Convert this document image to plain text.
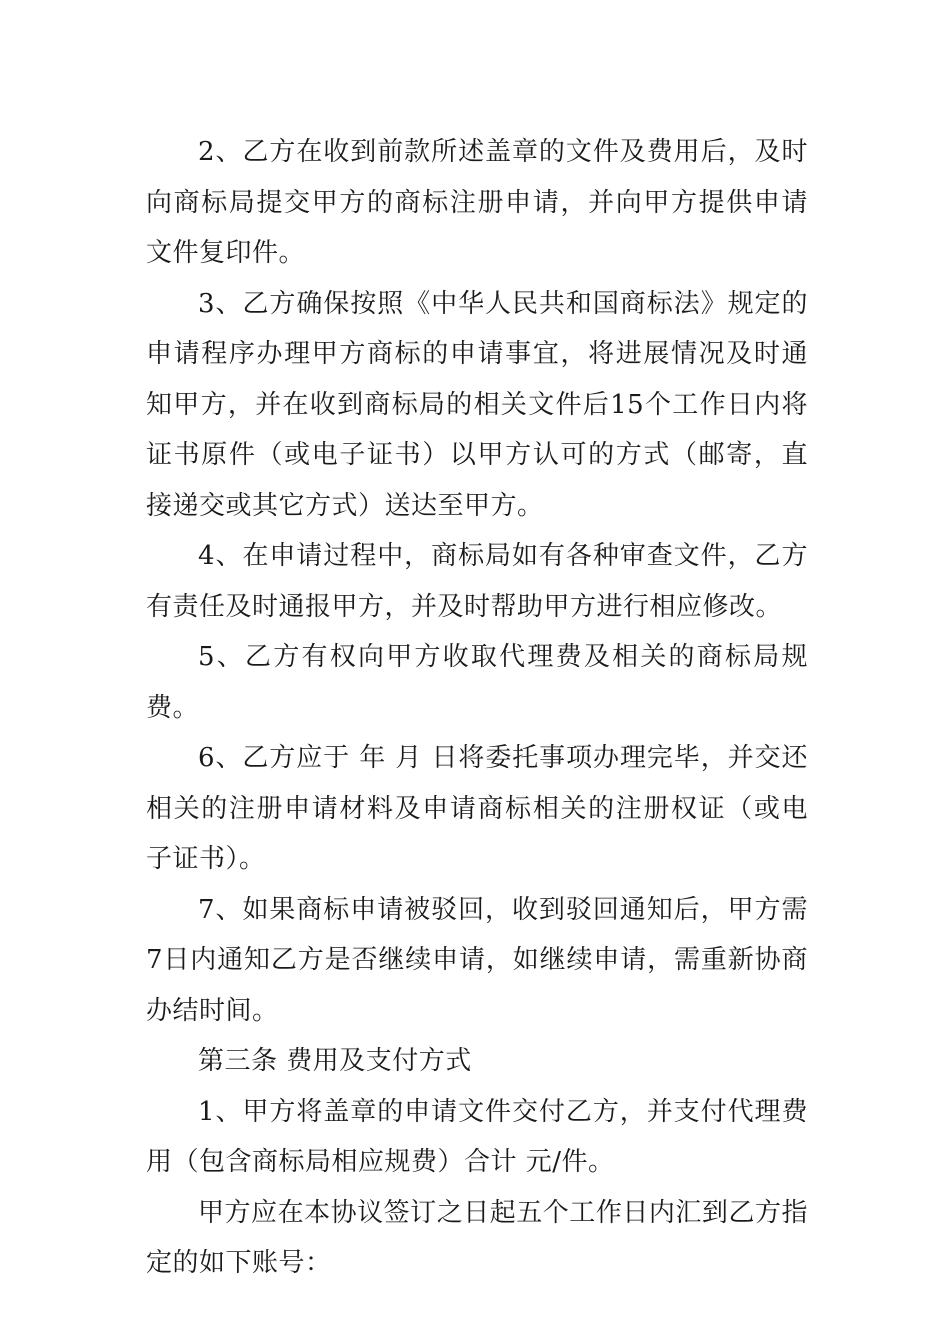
2、乙方在收到前款所述盖章的文件及费用后，及时向商标局提交甲方的商标注册申请，并向甲方提供申请文件复印件。

3、乙方确保按照《中华人民共和国商标法》规定的申请程序办理甲方商标的申请事宜，将进展情况及时通知甲方，并在收到商标局的相关文件后15个工作日内将证书原件（或电子证书）以甲方认可的方式（邮寄，直接递交或其它方式）送达至甲方。

4、在申请过程中，商标局如有各种审查文件，乙方有责任及时通报甲方，并及时帮助甲方进行相应修改。

5、乙方有权向甲方收取代理费及相关的商标局规费。

6、乙方应于 年 月 日将委托事项办理完毕，并交还相关的注册申请材料及申请商标相关的注册权证（或电子证书）。

7、如果商标申请被驳回，收到驳回通知后，甲方需7日内通知乙方是否继续申请，如继续申请，需重新协商办结时间。

第三条 费用及支付方式

1、甲方将盖章的申请文件交付乙方，并支付代理费用（包含商标局相应规费）合计 元/件。

甲方应在本协议签订之日起五个工作日内汇到乙方指定的如下账号：
